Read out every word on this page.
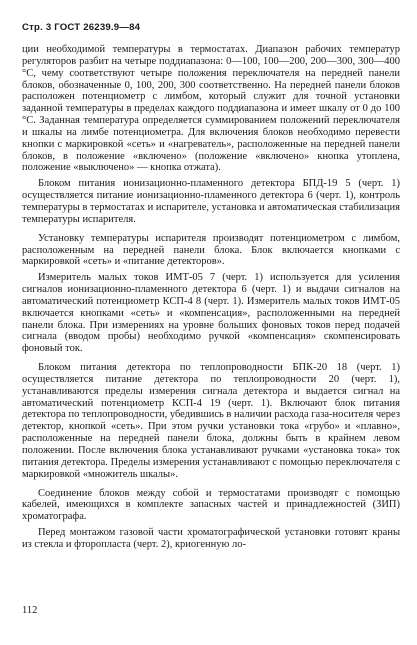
Стр. 3 ГОСТ 26239.9—84

ции необходимой температуры в термостатах. Диапазон рабочих температур регуляторов разбит на четыре поддиапазона: 0—100, 100—200, 200—300, 300—400 °С, чему соответствуют четыре положения переключателя на передней панели блоков, обозначенные 0, 100, 200, 300 соответственно. На передней панели блоков расположен потенциометр с лимбом, который служит для точной установки заданной температуры в пределах каждого поддиапазона и имеет шкалу от 0 до 100 °С. Заданная температура определяется суммированием положений переключателя и шкалы на лимбе потенциометра. Для включения блоков необходимо перевести кнопки с маркировкой «сеть» и «нагреватель», расположенные на передней панели блоков, в положение «включено» (положение «включено» кнопка утоплена, положение «выключено» — кнопка отжата).

Блоком питания ионизационно-пламенного детектора БПД-19 5 (черт. 1) осуществляется питание ионизационно-пламенного детектора 6 (черт. 1), контроль температуры в термостатах и испарителе, установка и автоматическая стабилизация температуры испарителя.

Установку температуры испарителя производят потенциометром с лимбом, расположенным на передней панели блока. Блок включается кнопками с маркировкой «сеть» и «питание детекторов».

Измеритель малых токов ИМТ-05 7 (черт. 1) используется для усиления сигналов ионизационно-пламенного детектора 6 (черт. 1) и выдачи сигналов на автоматический потенциометр КСП-4 8 (черт. 1). Измеритель малых токов ИМТ-05 включается кнопками «сеть» и «компенсация», расположенными на передней панели блока. При измерениях на уровне больших фоновых токов перед подачей сигнала (вводом пробы) необходимо ручкой «компенсация» скомпенсировать фоновый ток.

Блоком питания детектора по теплопроводности БПК-20 18 (черт. 1) осуществляется питание детектора по теплопроводности 20 (черт. 1), устанавливаются пределы измерения сигнала детектора и выдается сигнал на автоматический потенциометр КСП-4 19 (черт. 1). Включают блок питания детектора по теплопроводности, убедившись в наличии расхода газа-носителя через детектор, кнопкой «сеть». При этом ручки установки тока «грубо» и «плавно», расположенные на передней панели блока, должны быть в крайнем левом положении. После включения блока устанавливают ручками «установка тока» ток питания детектора. Пределы измерения устанавливают с помощью переключателя с маркировкой «множитель шкалы».

Соединение блоков между собой и термостатами производят с помощью кабелей, имеющихся в комплекте запасных частей и принадлежностей (ЗИП) хроматографа.

Перед монтажом газовой части хроматографической установки готовят краны из стекла и фторопласта (черт. 2), криогенную ло-

112
